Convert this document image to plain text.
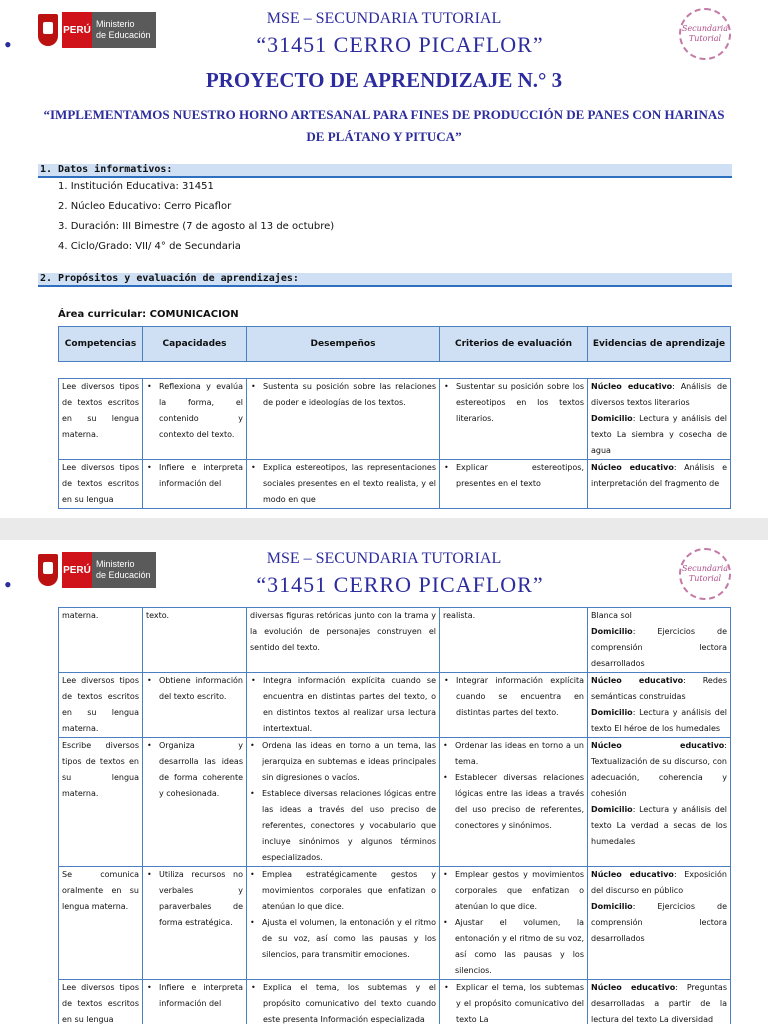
PERÚ
Ministerio
de Educación
Secundaria
Tutorial
MSE – SECUNDARIA TUTORIAL
• “31451 CERRO PICAFLOR”
PROYECTO DE APRENDIZAJE N.° 3
“IMPLEMENTAMOS NUESTRO HORNO ARTESANAL PARA FINES DE PRODUCCIÓN DE PANES CON HARINAS DE PLÁTANO Y PITUCA”
1. Datos informativos:
1. Institución Educativa: 31451
2. Núcleo Educativo: Cerro Picaflor
3. Duración: III Bimestre (7 de agosto al 13 de octubre)
4. Ciclo/Grado: VII/ 4° de Secundaria
2. Propósitos y evaluación de aprendizajes:
Área curricular: COMUNICACION
Competencias	Capacidades	Desempeños	Criterios de evaluación	Evidencias de aprendizaje
Lee diversos tipos de textos escritos en su lengua materna.	• Reflexiona y evalúa la forma, el contenido y contexto del texto.	• Sustenta su posición sobre las relaciones de poder e ideologías de los textos.	• Sustentar su posición sobre los estereotipos en los textos literarios.	Núcleo educativo: Análisis de diversos textos literarios
Domicilio: Lectura y análisis del texto La siembra y cosecha de agua
Lee diversos tipos de textos escritos en su lengua	• Infiere e interpreta información del	• Explica estereotipos, las representaciones sociales presentes en el texto realista, y el modo en que	• Explicar estereotipos, presentes en el texto	Núcleo educativo: Análisis e interpretación del fragmento de
PERÚ
Ministerio
de Educación
Secundaria
Tutorial
MSE – SECUNDARIA TUTORIAL
• “31451 CERRO PICAFLOR”
materna.	texto.	diversas figuras retóricas junto con la trama y la evolución de personajes construyen el sentido del texto.	realista.	Blanca sol
Domicilio: Ejercicios de comprensión lectora desarrollados
Lee diversos tipos de textos escritos en su lengua materna.	• Obtiene información del texto escrito.	• Integra información explícita cuando se encuentra en distintas partes del texto, o en distintos textos al realizar ursa lectura intertextual.	• Integrar información explícita cuando se encuentra en distintas partes del texto.	Núcleo educativo: Redes semánticas construidas
Domicilio: Lectura y análisis del texto El héroe de los humedales
Escribe diversos tipos de textos en su lengua materna.	• Organiza y desarrolla las ideas de forma coherente y cohesionada.	• Ordena las ideas en torno a un tema, las jerarquiza en subtemas e ideas principales sin digresiones o vacíos.
• Establece diversas relaciones lógicas entre las ideas a través del uso preciso de referentes, conectores y vocabulario que incluye sinónimos y algunos términos especializados.	• Ordenar las ideas en torno a un tema.
• Establecer diversas relaciones lógicas entre las ideas a través del uso preciso de referentes, conectores y sinónimos.	Núcleo educativo: Textualización de su discurso, con adecuación, coherencia y cohesión
Domicilio: Lectura y análisis del texto La verdad a secas de los humedales
Se comunica oralmente en su lengua materna.	• Utiliza recursos no verbales y paraverbales de forma estratégica.	• Emplea estratégicamente gestos y movimientos corporales que enfatizan o atenúan lo que dice.
• Ajusta el volumen, la entonación y el ritmo de su voz, así como las pausas y los silencios, para transmitir emociones.	• Emplear gestos y movimientos corporales que enfatizan o atenúan lo que dice.
• Ajustar el volumen, la entonación y el ritmo de su voz, así como las pausas y los silencios.	Núcleo educativo: Exposición del discurso en público
Domicilio: Ejercicios de comprensión lectora desarrollados
Lee diversos tipos de textos escritos en su lengua	• Infiere e interpreta información del	• Explica el tema, los subtemas y el propósito comunicativo del texto cuando este presenta Información especializada	• Explicar el tema, los subtemas y el propósito comunicativo del texto La	Núcleo educativo: Preguntas desarrolladas a partir de la lectura del texto La diversidad
